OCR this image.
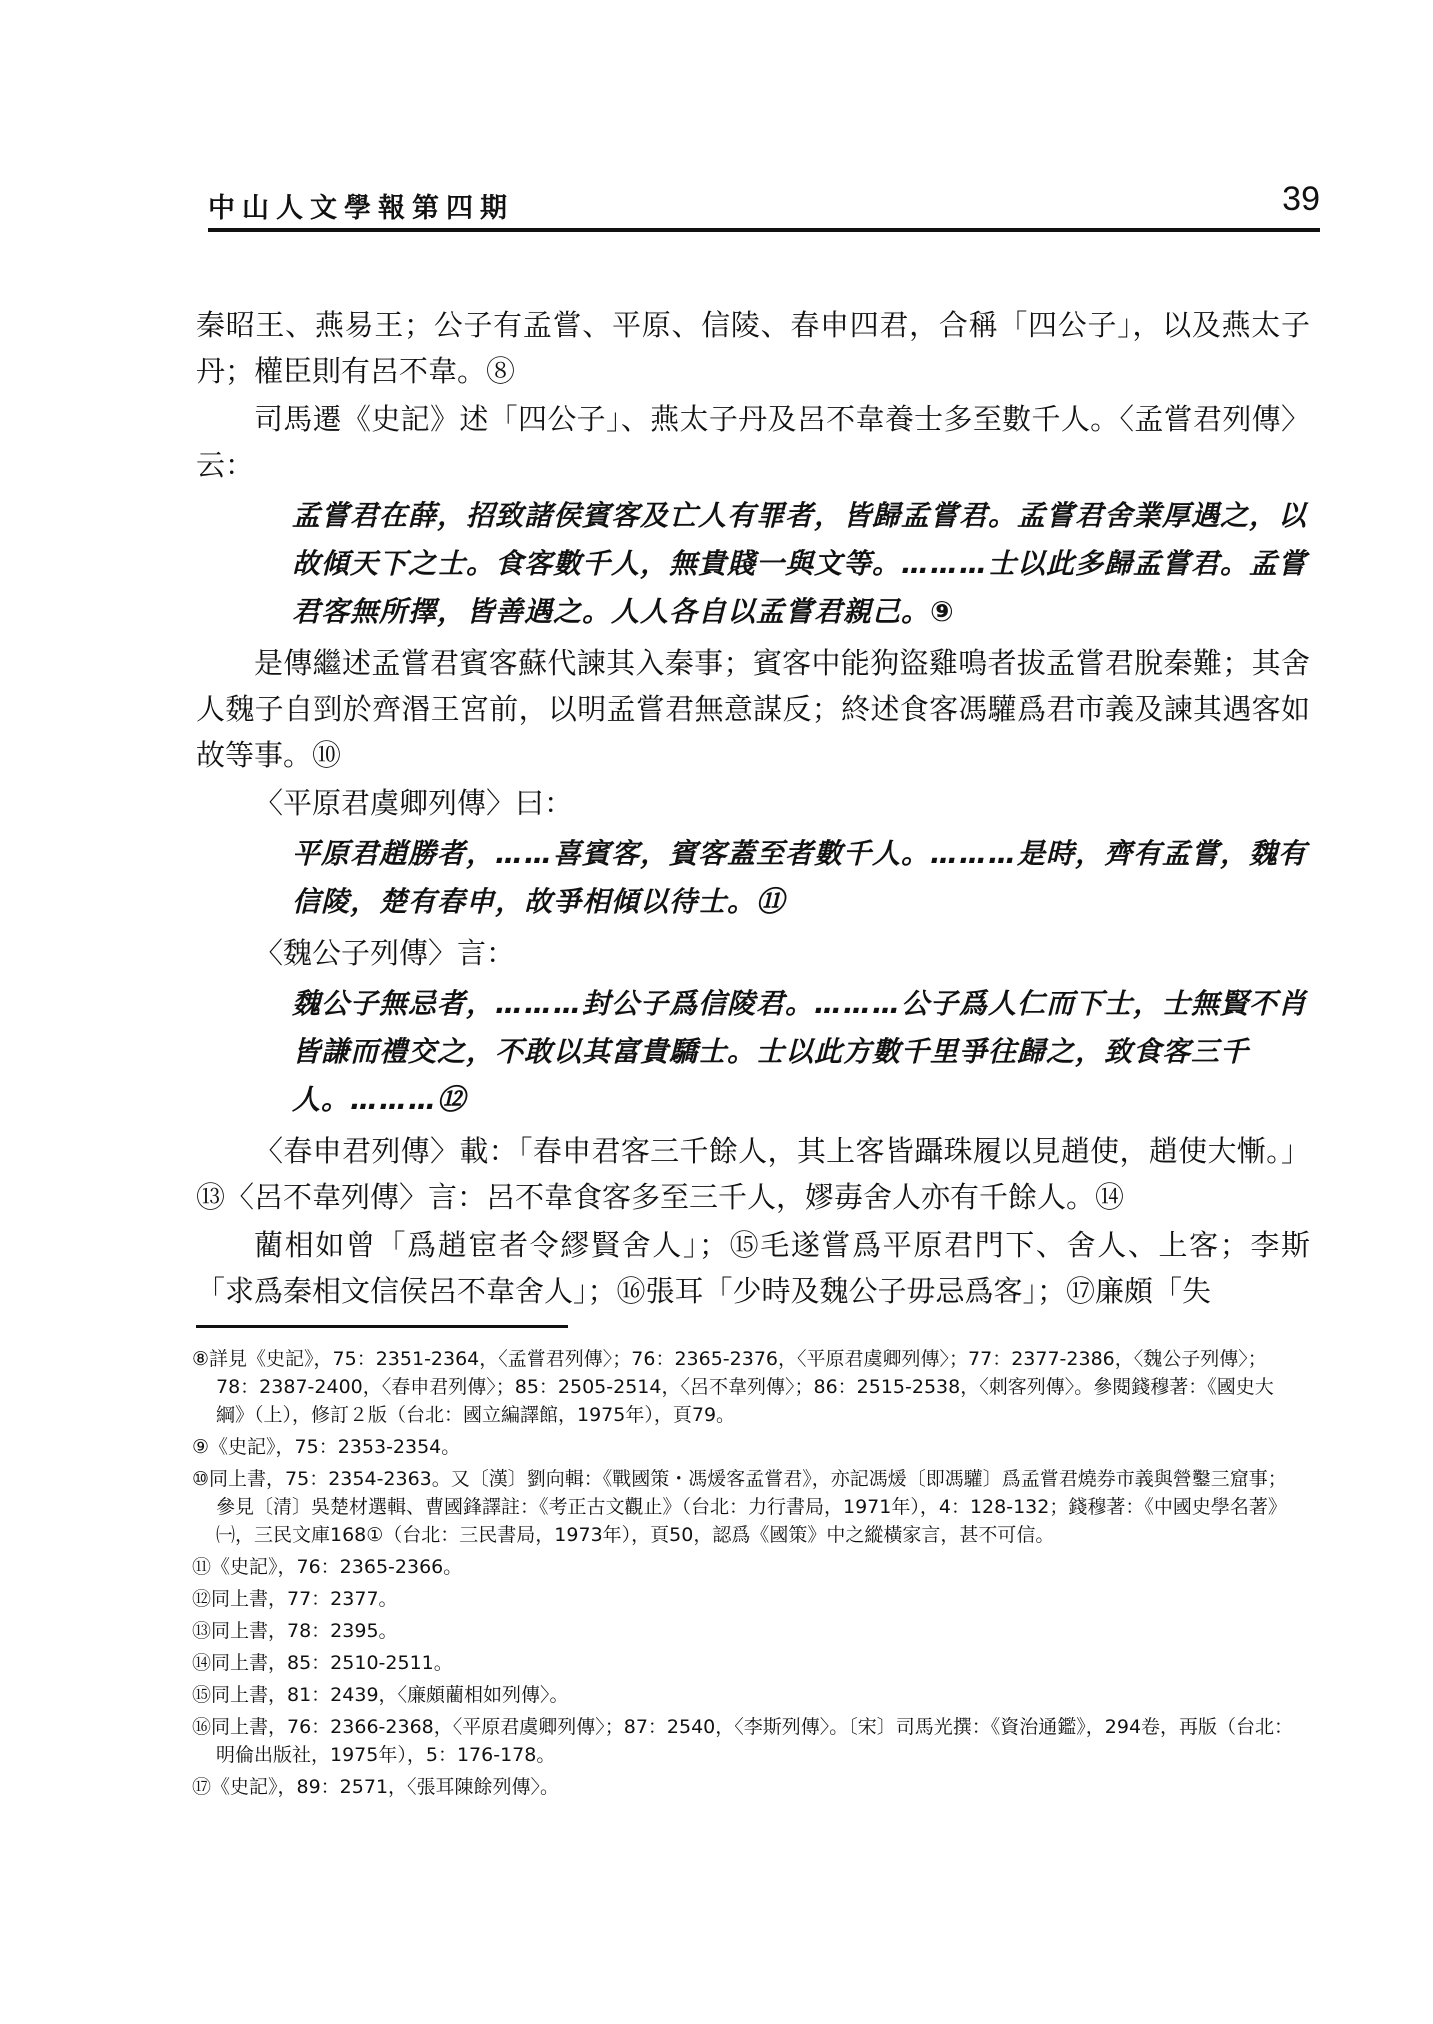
中山人文學報第四期	39

秦昭王、燕易王；公子有孟嘗、平原、信陵、春申四君，合稱「四公子」，以及燕太子丹；權臣則有呂不韋。⑧

司馬遷《史記》述「四公子」、燕太子丹及呂不韋養士多至數千人。〈孟嘗君列傳〉云：

孟嘗君在薛，招致諸侯賓客及亡人有罪者，皆歸孟嘗君。孟嘗君舍業厚遇之，以故傾天下之士。食客數千人，無貴賤一與文等。………士以此多歸孟嘗君。孟嘗君客無所擇，皆善遇之。人人各自以孟嘗君親己。⑨

是傳繼述孟嘗君賓客蘇代諫其入秦事；賓客中能狗盜雞鳴者拔孟嘗君脫秦難；其舍人魏子自剄於齊湣王宮前，以明孟嘗君無意謀反；終述食客馮驩爲君市義及諫其遇客如故等事。⑩

〈平原君虞卿列傳〉曰：

平原君趙勝者，……喜賓客，賓客蓋至者數千人。………是時，齊有孟嘗，魏有信陵，楚有春申，故爭相傾以待士。⑪

〈魏公子列傳〉言：

魏公子無忌者，………封公子爲信陵君。………公子爲人仁而下士，士無賢不肖皆謙而禮交之，不敢以其富貴驕士。士以此方數千里爭往歸之，致食客三千人。………⑫

〈春申君列傳〉載：「春申君客三千餘人，其上客皆躡珠履以見趙使，趙使大慚。」⑬〈呂不韋列傳〉言：呂不韋食客多至三千人，嫪毐舍人亦有千餘人。⑭

藺相如曾「爲趙宦者令繆賢舍人」；⑮毛遂嘗爲平原君門下、舍人、上客；李斯「求爲秦相文信侯呂不韋舍人」；⑯張耳「少時及魏公子毋忌爲客」；⑰廉頗「失

⑧詳見《史記》，75：2351-2364，〈孟嘗君列傳〉；76：2365-2376，〈平原君虞卿列傳〉；77：2377-2386，〈魏公子列傳〉；78：2387-2400，〈春申君列傳〉；85：2505-2514，〈呂不韋列傳〉；86：2515-2538，〈刺客列傳〉。參閱錢穆著：《國史大綱》（上），修訂２版（台北：國立編譯館，1975年），頁79。

⑨《史記》，75：2353-2354。

⑩同上書，75：2354-2363。又〔漢〕劉向輯：《戰國策・馮煖客孟嘗君》，亦記馮煖〔即馮驩〕爲孟嘗君燒券市義與營鑿三窟事；參見〔清〕吳楚材選輯、曹國鋒譯註：《考正古文觀止》（台北：力行書局，1971年），4：128-132；錢穆著：《中國史學名著》㈠，三民文庫168①（台北：三民書局，1973年），頁50，認爲《國策》中之縱橫家言，甚不可信。

⑪《史記》，76：2365-2366。

⑫同上書，77：2377。

⑬同上書，78：2395。

⑭同上書，85：2510-2511。

⑮同上書，81：2439，〈廉頗藺相如列傳〉。

⑯同上書，76：2366-2368，〈平原君虞卿列傳〉；87：2540，〈李斯列傳〉。〔宋〕司馬光撰：《資治通鑑》，294卷，再版（台北：明倫出版社，1975年），5：176-178。

⑰《史記》，89：2571，〈張耳陳餘列傳〉。
